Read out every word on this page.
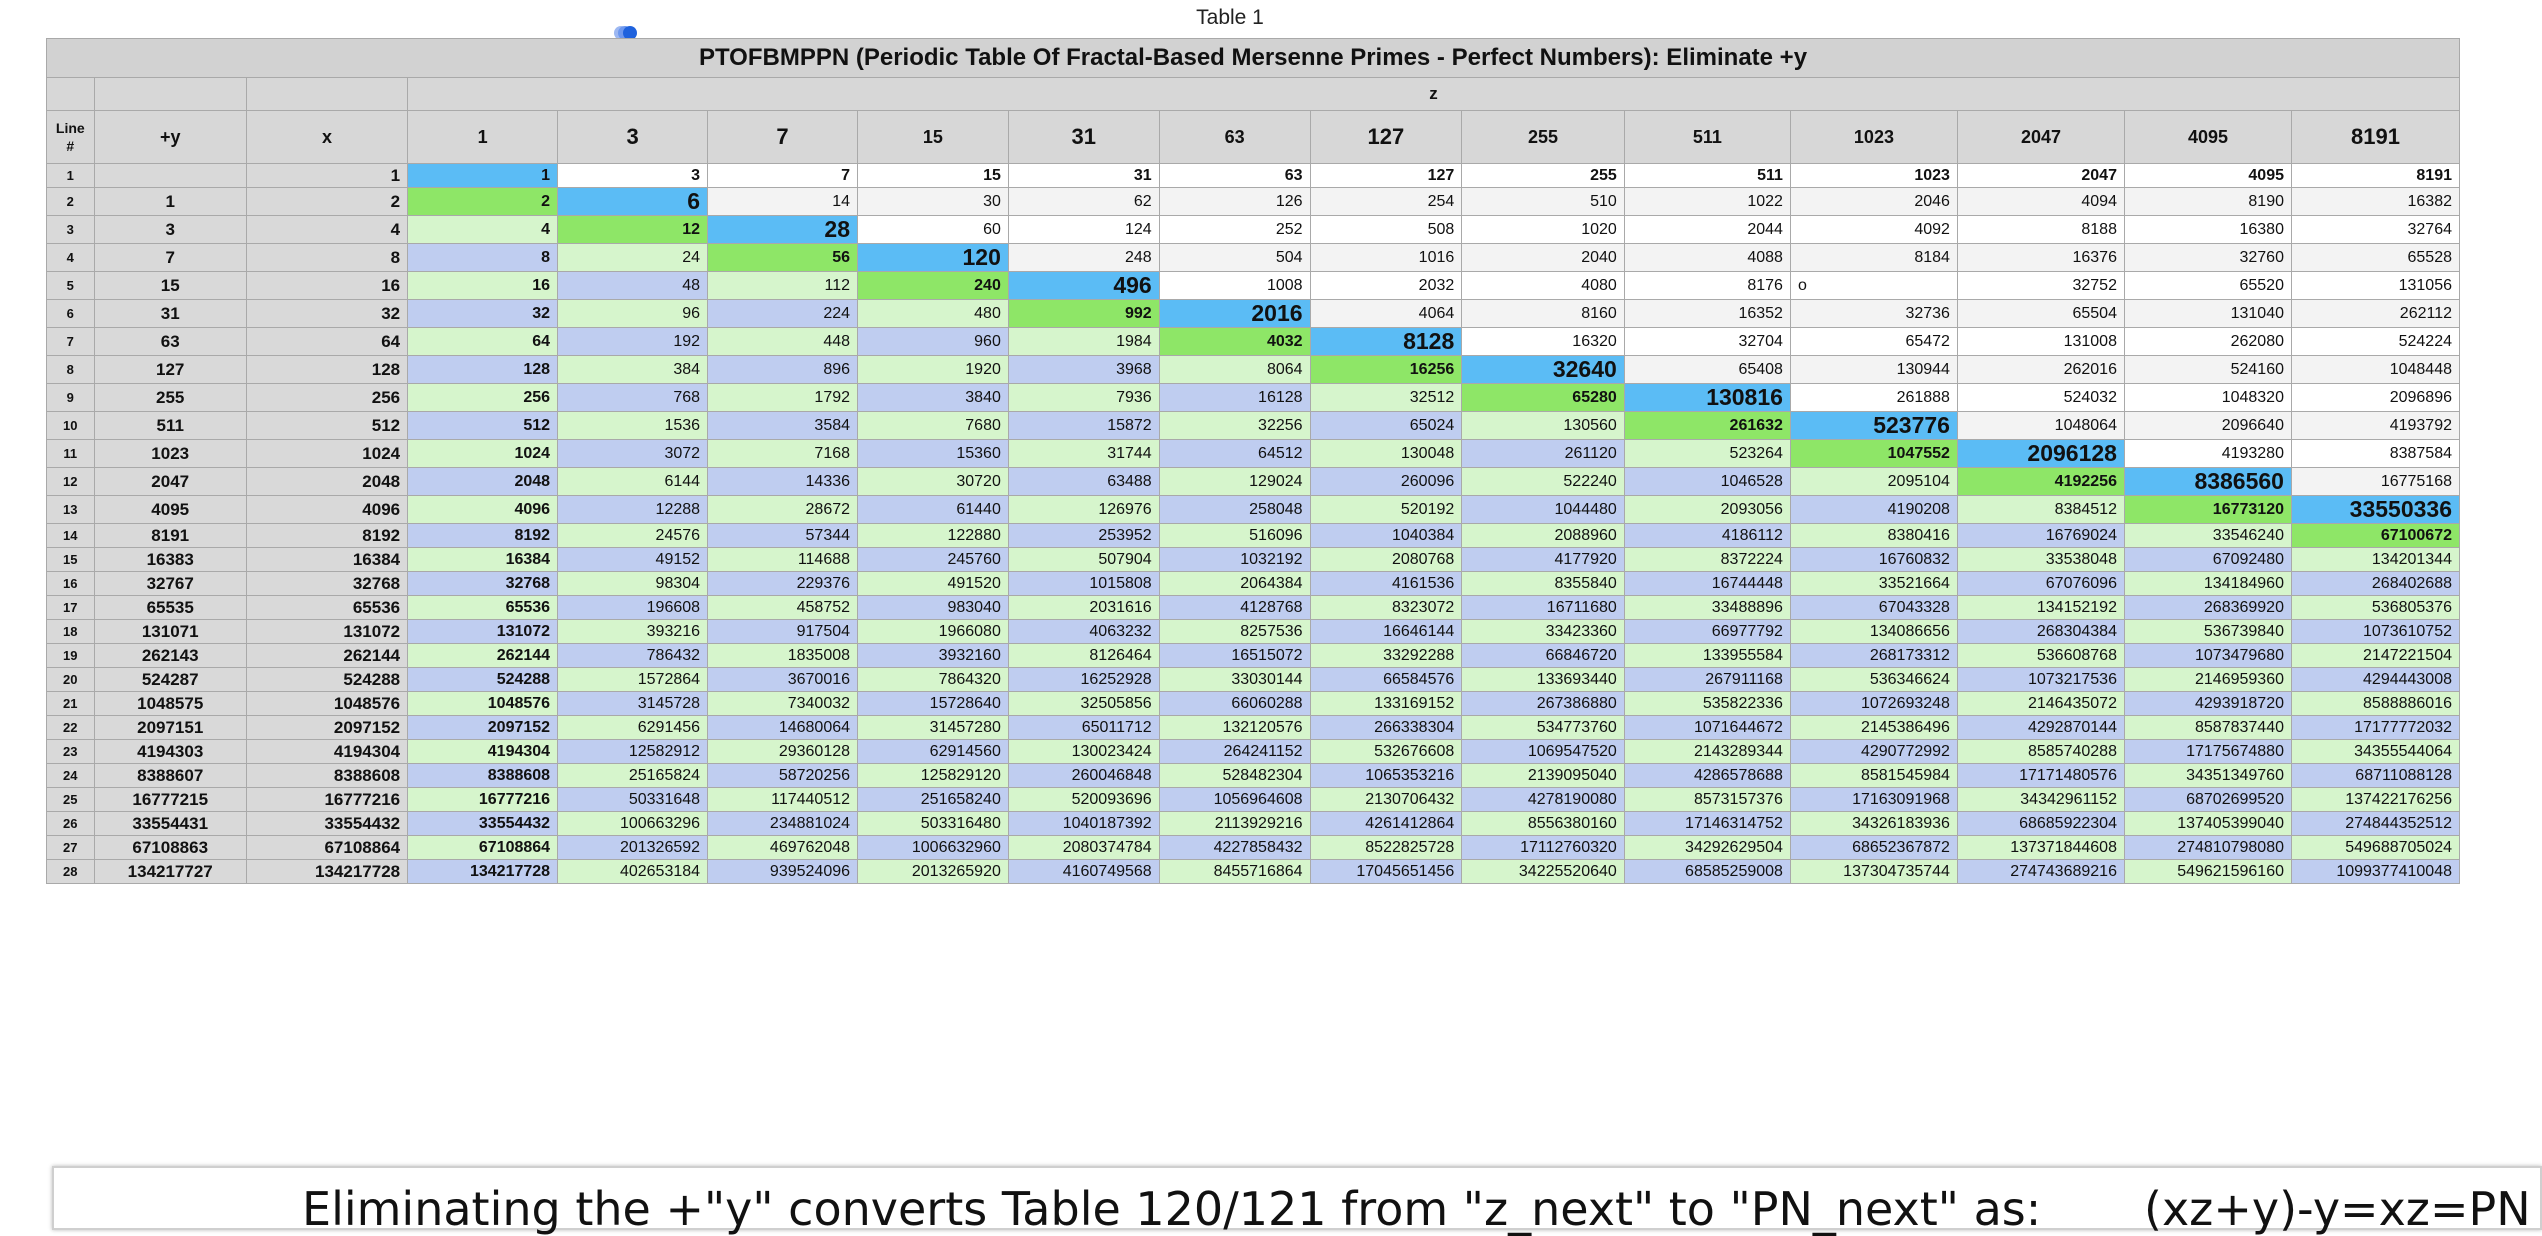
Table 1
PTOFBMPPN (Periodic Table Of Fractal-Based Mersenne Primes - Perfect Numbers): Eliminate +y															
			z												
Line #	+y	x	1	3	7	15	31	63	127	255	511	1023	2047	4095	8191
1		1	1	3	7	15	31	63	127	255	511	1023	2047	4095	8191
2	1	2	2	6	14	30	62	126	254	510	1022	2046	4094	8190	16382
3	3	4	4	12	28	60	124	252	508	1020	2044	4092	8188	16380	32764
4	7	8	8	24	56	120	248	504	1016	2040	4088	8184	16376	32760	65528
5	15	16	16	48	112	240	496	1008	2032	4080	8176	o	32752	65520	131056
6	31	32	32	96	224	480	992	2016	4064	8160	16352	32736	65504	131040	262112
7	63	64	64	192	448	960	1984	4032	8128	16320	32704	65472	131008	262080	524224
8	127	128	128	384	896	1920	3968	8064	16256	32640	65408	130944	262016	524160	1048448
9	255	256	256	768	1792	3840	7936	16128	32512	65280	130816	261888	524032	1048320	2096896
10	511	512	512	1536	3584	7680	15872	32256	65024	130560	261632	523776	1048064	2096640	4193792
11	1023	1024	1024	3072	7168	15360	31744	64512	130048	261120	523264	1047552	2096128	4193280	8387584
12	2047	2048	2048	6144	14336	30720	63488	129024	260096	522240	1046528	2095104	4192256	8386560	16775168
13	4095	4096	4096	12288	28672	61440	126976	258048	520192	1044480	2093056	4190208	8384512	16773120	33550336
14	8191	8192	8192	24576	57344	122880	253952	516096	1040384	2088960	4186112	8380416	16769024	33546240	67100672
15	16383	16384	16384	49152	114688	245760	507904	1032192	2080768	4177920	8372224	16760832	33538048	67092480	134201344
16	32767	32768	32768	98304	229376	491520	1015808	2064384	4161536	8355840	16744448	33521664	67076096	134184960	268402688
17	65535	65536	65536	196608	458752	983040	2031616	4128768	8323072	16711680	33488896	67043328	134152192	268369920	536805376
18	131071	131072	131072	393216	917504	1966080	4063232	8257536	16646144	33423360	66977792	134086656	268304384	536739840	1073610752
19	262143	262144	262144	786432	1835008	3932160	8126464	16515072	33292288	66846720	133955584	268173312	536608768	1073479680	2147221504
20	524287	524288	524288	1572864	3670016	7864320	16252928	33030144	66584576	133693440	267911168	536346624	1073217536	2146959360	4294443008
21	1048575	1048576	1048576	3145728	7340032	15728640	32505856	66060288	133169152	267386880	535822336	1072693248	2146435072	4293918720	8588886016
22	2097151	2097152	2097152	6291456	14680064	31457280	65011712	132120576	266338304	534773760	1071644672	2145386496	4292870144	8587837440	17177772032
23	4194303	4194304	4194304	12582912	29360128	62914560	130023424	264241152	532676608	1069547520	2143289344	4290772992	8585740288	17175674880	34355544064
24	8388607	8388608	8388608	25165824	58720256	125829120	260046848	528482304	1065353216	2139095040	4286578688	8581545984	17171480576	34351349760	68711088128
25	16777215	16777216	16777216	50331648	117440512	251658240	520093696	1056964608	2130706432	4278190080	8573157376	17163091968	34342961152	68702699520	137422176256
26	33554431	33554432	33554432	100663296	234881024	503316480	1040187392	2113929216	4261412864	8556380160	17146314752	34326183936	68685922304	137405399040	274844352512
27	67108863	67108864	67108864	201326592	469762048	1006632960	2080374784	4227858432	8522825728	17112760320	34292629504	68652367872	137371844608	274810798080	549688705024
28	134217727	134217728	134217728	402653184	939524096	2013265920	4160749568	8455716864	17045651456	34225520640	68585259008	137304735744	274743689216	549621596160	1099377410048
Eliminating the +"y" converts Table 120/121 from "z_next" to "PN_next" as: (xz+y)-y=xz=PN
